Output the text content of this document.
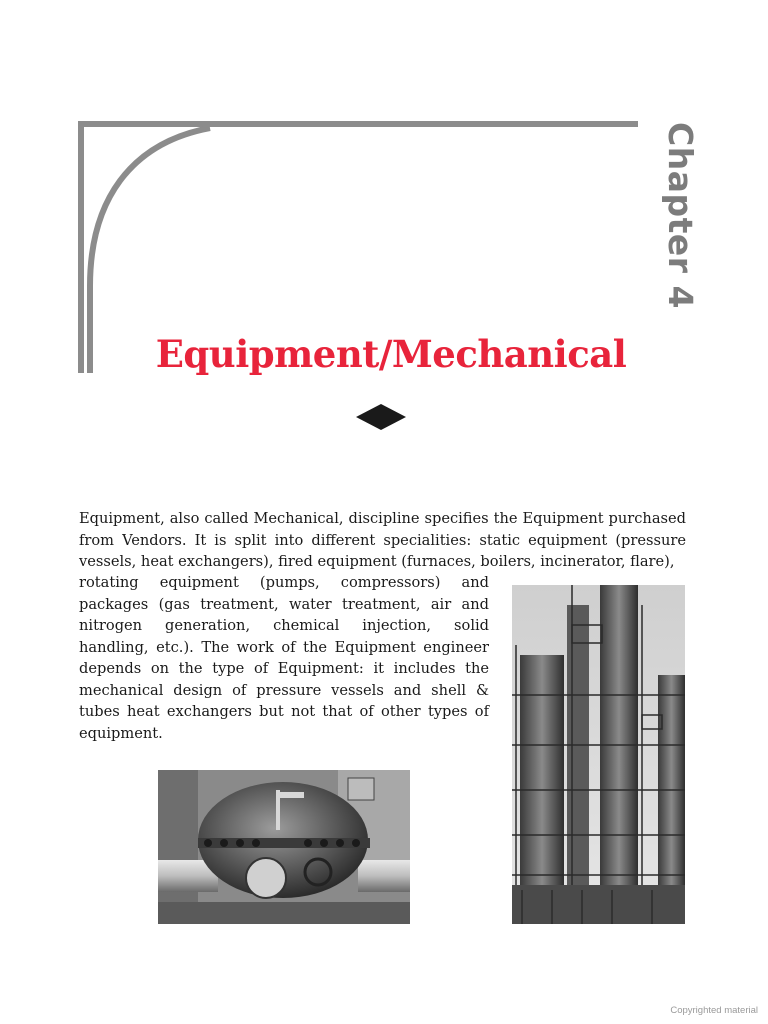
Chapter 4
Equipment/Mechanical

Equipment, also called Mechanical, discipline specifies the Equipment purchased from Vendors. It is split into different specialities: static equipment (pressure vessels, heat exchangers), fired equipment (furnaces, boilers, incinerator, flare),

rotating equipment (pumps, compressors) and packages (gas treatment, water treatment, air and nitrogen generation, chemical injection, solid handling, etc.). The work of the Equipment engineer depends on the type of Equipment: it includes the mechanical design of pressure vessels and shell & tubes heat exchangers but not that of other types of equipment.

Copyrighted material
